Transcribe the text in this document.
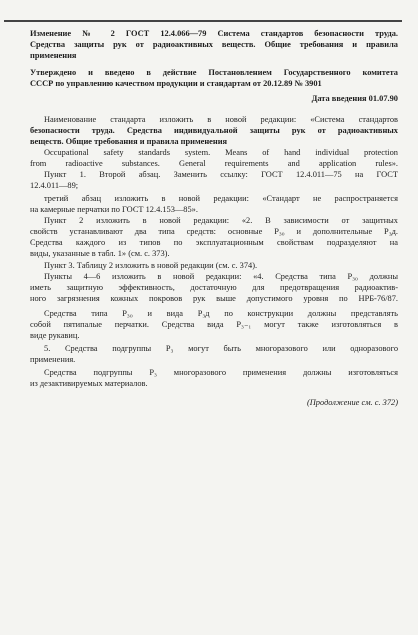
Изменение № 2 ГОСТ 12.4.066—79 Система стандартов безопасности труда.
Средства защиты рук от радиоактивных веществ. Общие требования и правила
применения
Утверждено и введено в действие Постановлением Государственного комитета
СССР по управлению качеством продукции и стандартам от 20.12.89 № 3901
Дата введения 01.07.90
Наименование стандарта изложить в новой редакции: «Система стандартов
безопасности труда. Средства индивидуальной защиты рук от радиоактивных
веществ. Общие требования и правила применения
Occupational safety standards system. Means of hand individual protection
from radioactive substances. General requirements and application rules».
Пункт 1. Второй абзац. Заменить ссылку: ГОСТ 12.4.011—75 на ГОСТ
12.4.011—89;
третий абзац изложить в новой редакции: «Стандарт не распространяется
на камерные перчатки по ГОСТ 12.4.153—85».
Пункт 2 изложить в новой редакции: «2. В зависимости от защитных
свойств устанавливают два типа средств: основные Р₃₀ и дополнительные Р₃д.
Средства каждого из типов по эксплуатационным свойствам подразделяют на
виды, указанные в табл. 1» (см. с. 373).
Пункт 3. Таблицу 2 изложить в новой редакции (см. с. 374).
Пункты 4—6 изложить в новой редакции: «4. Средства типа Р₃₀ должны
иметь защитную эффективность, достаточную для предотвращения радиоактив-
ного загрязнения кожных покровов рук выше допустимого уровня по НРБ-76/87.
Средства типа Р₃₀ и вида Р₃д по конструкции должны представлять
собой пятипалые перчатки. Средства вида Р₃₋₁ могут также изготовляться в
виде рукавиц.
5. Средства подгруппы Р₃ могут быть многоразового или одноразового
применения.
Средства подгруппы Р₃ многоразового применения должны изготовляться
из дезактивируемых материалов.
(Продолжение см. с. 372)
